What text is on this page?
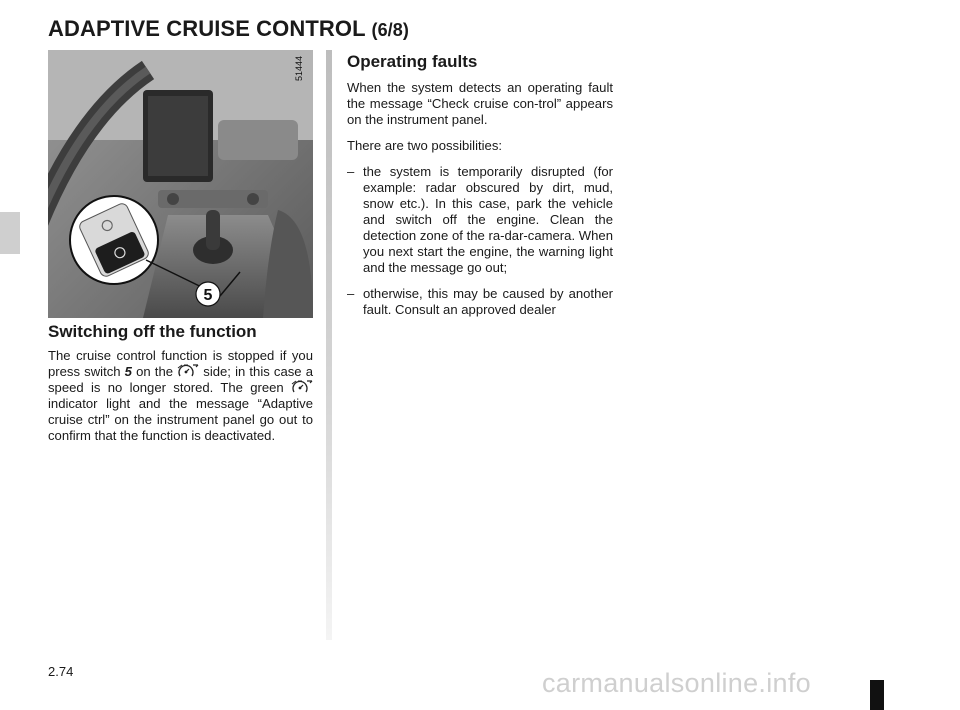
ADAPTIVE CRUISE CONTROL (6/8)
5
51444
Switching off the function

The cruise control function is stopped if you press switch 5 on the  side; in this case a speed is no longer stored. The green  indicator light and the message “Adaptive cruise ctrl” on the instrument panel go out to confirm that the function is deactivated.

Operating faults

When the system detects an operating fault the message “Check cruise con-trol” appears on the instrument panel.

There are two possibilities:

– the system is temporarily disrupted (for example: radar obscured by dirt, mud, snow etc.). In this case, park the vehicle and switch off the engine. Clean the detection zone of the ra-dar-camera. When you next start the engine, the warning light and the message go out;

– otherwise, this may be caused by another fault. Consult an approved dealer

2.74	carmanualsonline.info
